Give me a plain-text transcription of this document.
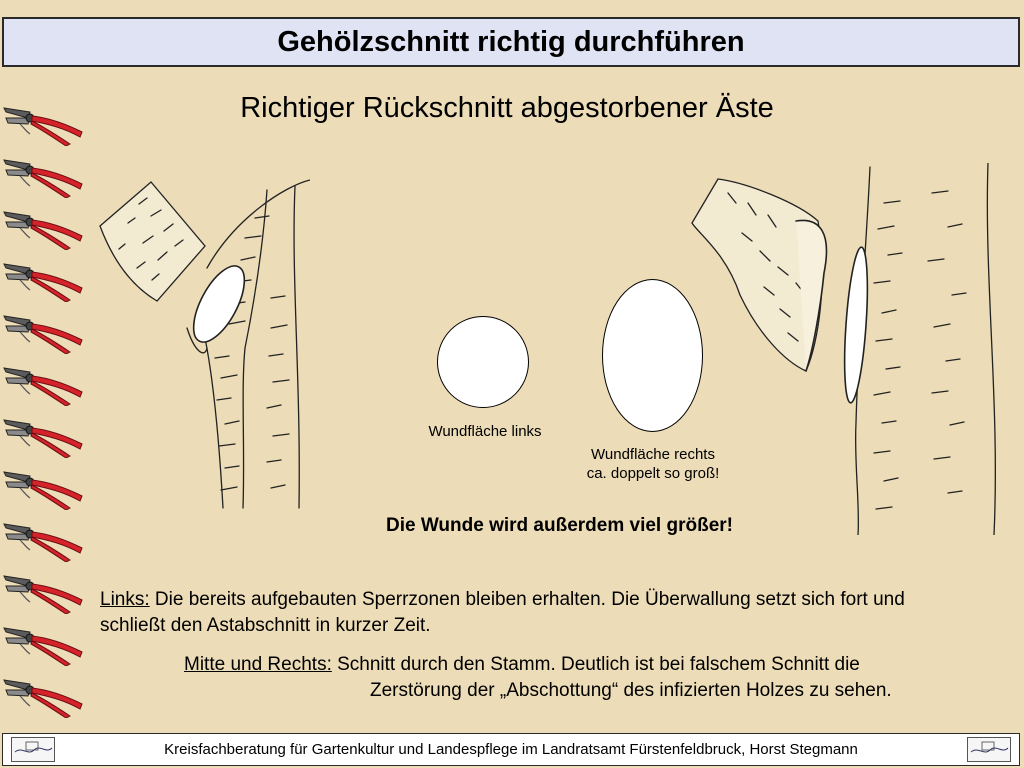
Gehölzschnitt richtig durchführen
Richtiger Rückschnitt abgestorbener Äste
Wundfläche links
Wundfläche rechts
ca. doppelt so groß!
Die Wunde wird außerdem viel größer!
Links: Die bereits aufgebauten Sperrzonen bleiben erhalten. Die Überwallung setzt sich fort und schließt den Astabschnitt in kurzer Zeit.
Mitte und Rechts: Schnitt durch den Stamm. Deutlich ist bei falschem Schnitt die
Zerstörung der „Abschottung“ des infizierten Holzes zu sehen.
Kreisfachberatung für Gartenkultur und Landespflege im Landratsamt Fürstenfeldbruck, Horst Stegmann
